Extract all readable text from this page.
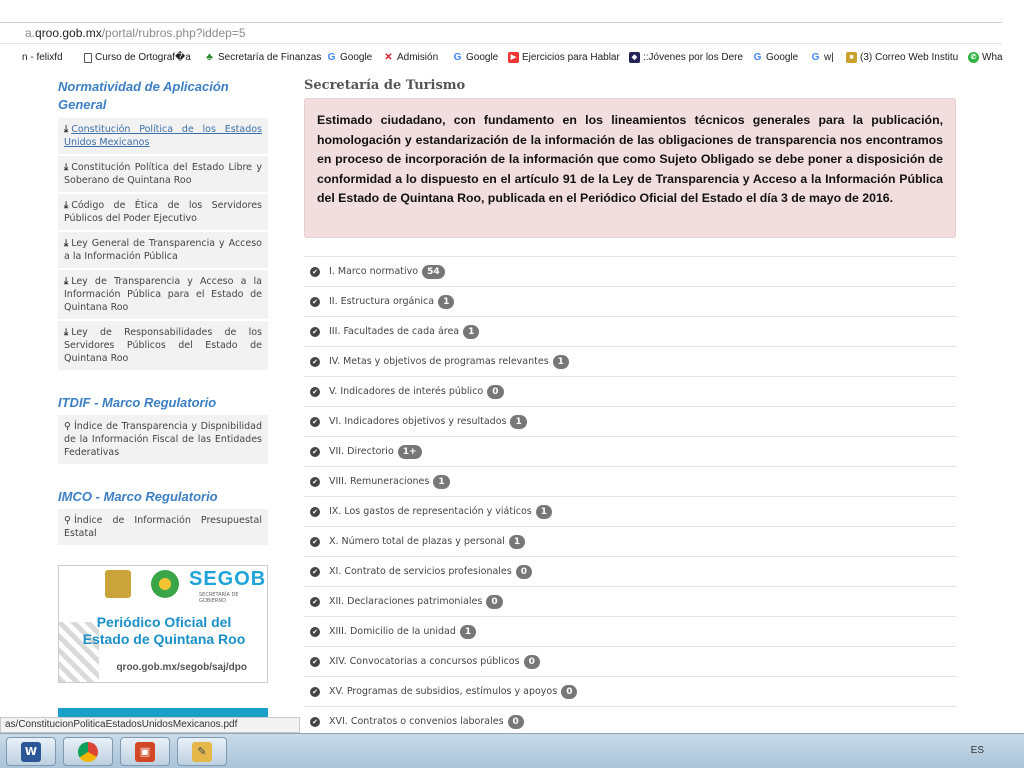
a.qroo.gob.mx/portal/rubros.php?iddep=5
n - felixfd	Curso de Ortograf�a ♣ Secretaría de Finanzas G Google ✕ Admisión G Google	▶ Ejercicios para Hablar	◆ ::Jóvenes por los Dere G Google G w|	■ (3) Correo Web Institu	✆ Wha
Normatividad de Aplicación General
⤓ Constitución Política de los Estados Unidos Mexicanos
⤓ Constitución Política del Estado Libre y Soberano de Quintana Roo
⤓ Código de Ética de los Servidores Públicos del Poder Ejecutivo
⤓ Ley General de Transparencia y Acceso a la Información Pública
⤓ Ley de Transparencia y Acceso a la Información Pública para el Estado de Quintana Roo
⤓ Ley de Responsabilidades de los Servidores Públicos del Estado de Quintana Roo
ITDIF - Marco Regulatorio
⚲ Índice de Transparencia y Dispnibilidad de la Información Fiscal de las Entidades Federativas
IMCO - Marco Regulatorio
⚲ Índice de Información Presupuestal Estatal
SEGOB
SECRETARÍA DE GOBIERNO
Periódico Oficial del
Estado de Quintana Roo
qroo.gob.mx/segob/saj/dpo
Secretaría de Turismo
Estimado ciudadano, con fundamento en los lineamientos técnicos generales para la publicación, homologación y estandarización de la información de las obligaciones de transparencia nos encontramos en proceso de incorporación de la información que como Sujeto Obligado se debe poner a disposición de conformidad a lo dispuesto en el artículo 91 de la Ley de Transparencia y Acceso a la Información Pública del Estado de Quintana Roo, publicada en el Periódico Oficial del Estado el día 3 de mayo de 2016.
✔ I. Marco normativo	54
✔ II. Estructura orgánica	1
✔ III. Facultades de cada área	1
✔ IV. Metas y objetivos de programas relevantes	1
✔ V. Indicadores de interés público	0
✔ VI. Indicadores objetivos y resultados	1
✔ VII. Directorio	1+
✔ VIII. Remuneraciones	1
✔ IX. Los gastos de representación y viáticos	1
✔ X. Número total de plazas y personal	1
✔ XI. Contrato de servicios profesionales	0
✔ XII. Declaraciones patrimoniales	0
✔ XIII. Domicilio de la unidad	1
✔ XIV. Convocatorias a concursos públicos	0
✔ XV. Programas de subsidios, estímulos y apoyos	0
✔ XVI. Contratos o convenios laborales	0
as/ConstitucionPoliticaEstadosUnidosMexicanos.pdf
W	▣	✎	ES
